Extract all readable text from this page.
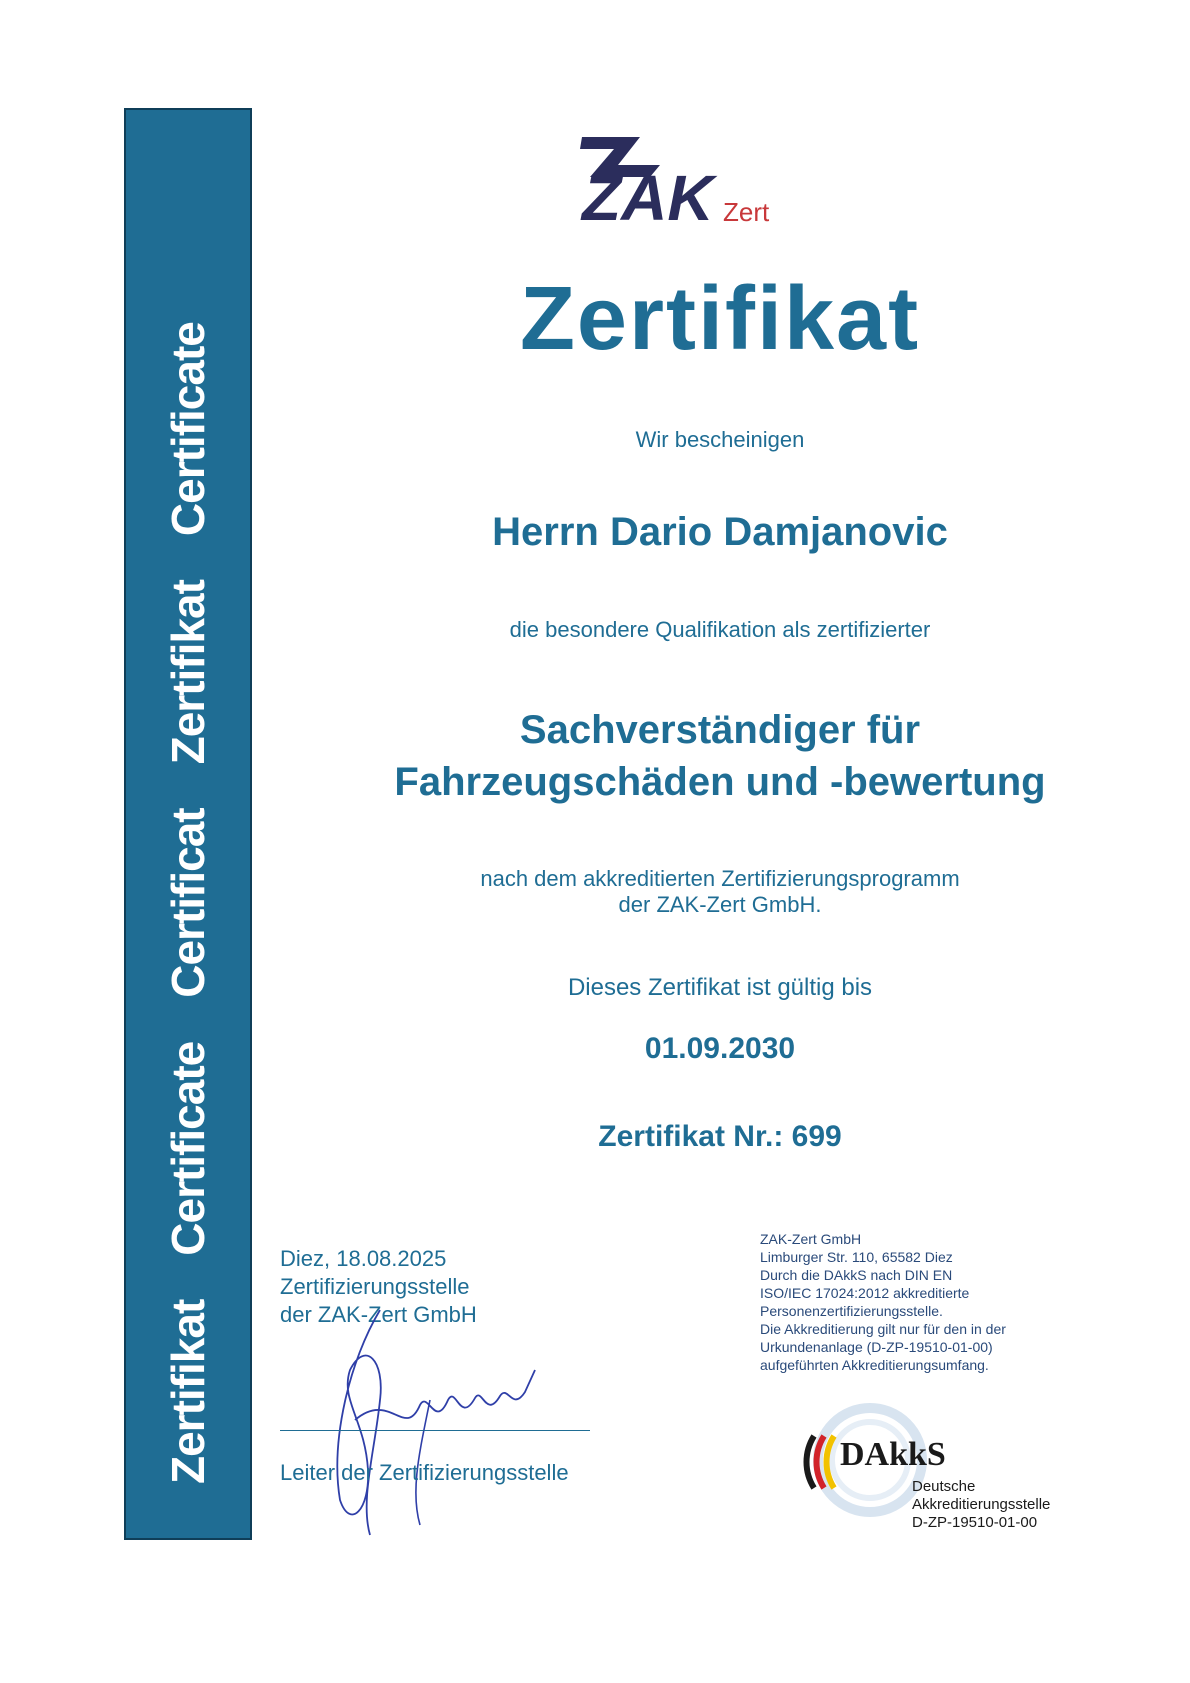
ZertifikatCertificateCertificatZertifikatCertificate
ZAK Zert
Zertifikat
Wir bescheinigen
Herrn Dario Damjanovic
die besondere Qualifikation als zertifizierter
Sachverständiger für
Fahrzeugschäden und -bewertung
nach dem akkreditierten Zertifizierungsprogramm
der ZAK-Zert GmbH.
Dieses Zertifikat ist gültig bis
01.09.2030
Zertifikat Nr.: 699
Diez, 18.08.2025
Zertifizierungsstelle
der ZAK-Zert GmbH
Leiter der Zertifizierungsstelle
ZAK-Zert GmbH
Limburger Str. 110, 65582 Diez
Durch die DAkkS nach DIN EN
ISO/IEC 17024:2012 akkreditierte
Personenzertifizierungsstelle.
Die Akkreditierung gilt nur für den in der
Urkundenanlage (D-ZP-19510-01-00)
aufgeführten Akkreditierungsumfang.
DAkkS
Deutsche
Akkreditierungsstelle
D-ZP-19510-01-00
